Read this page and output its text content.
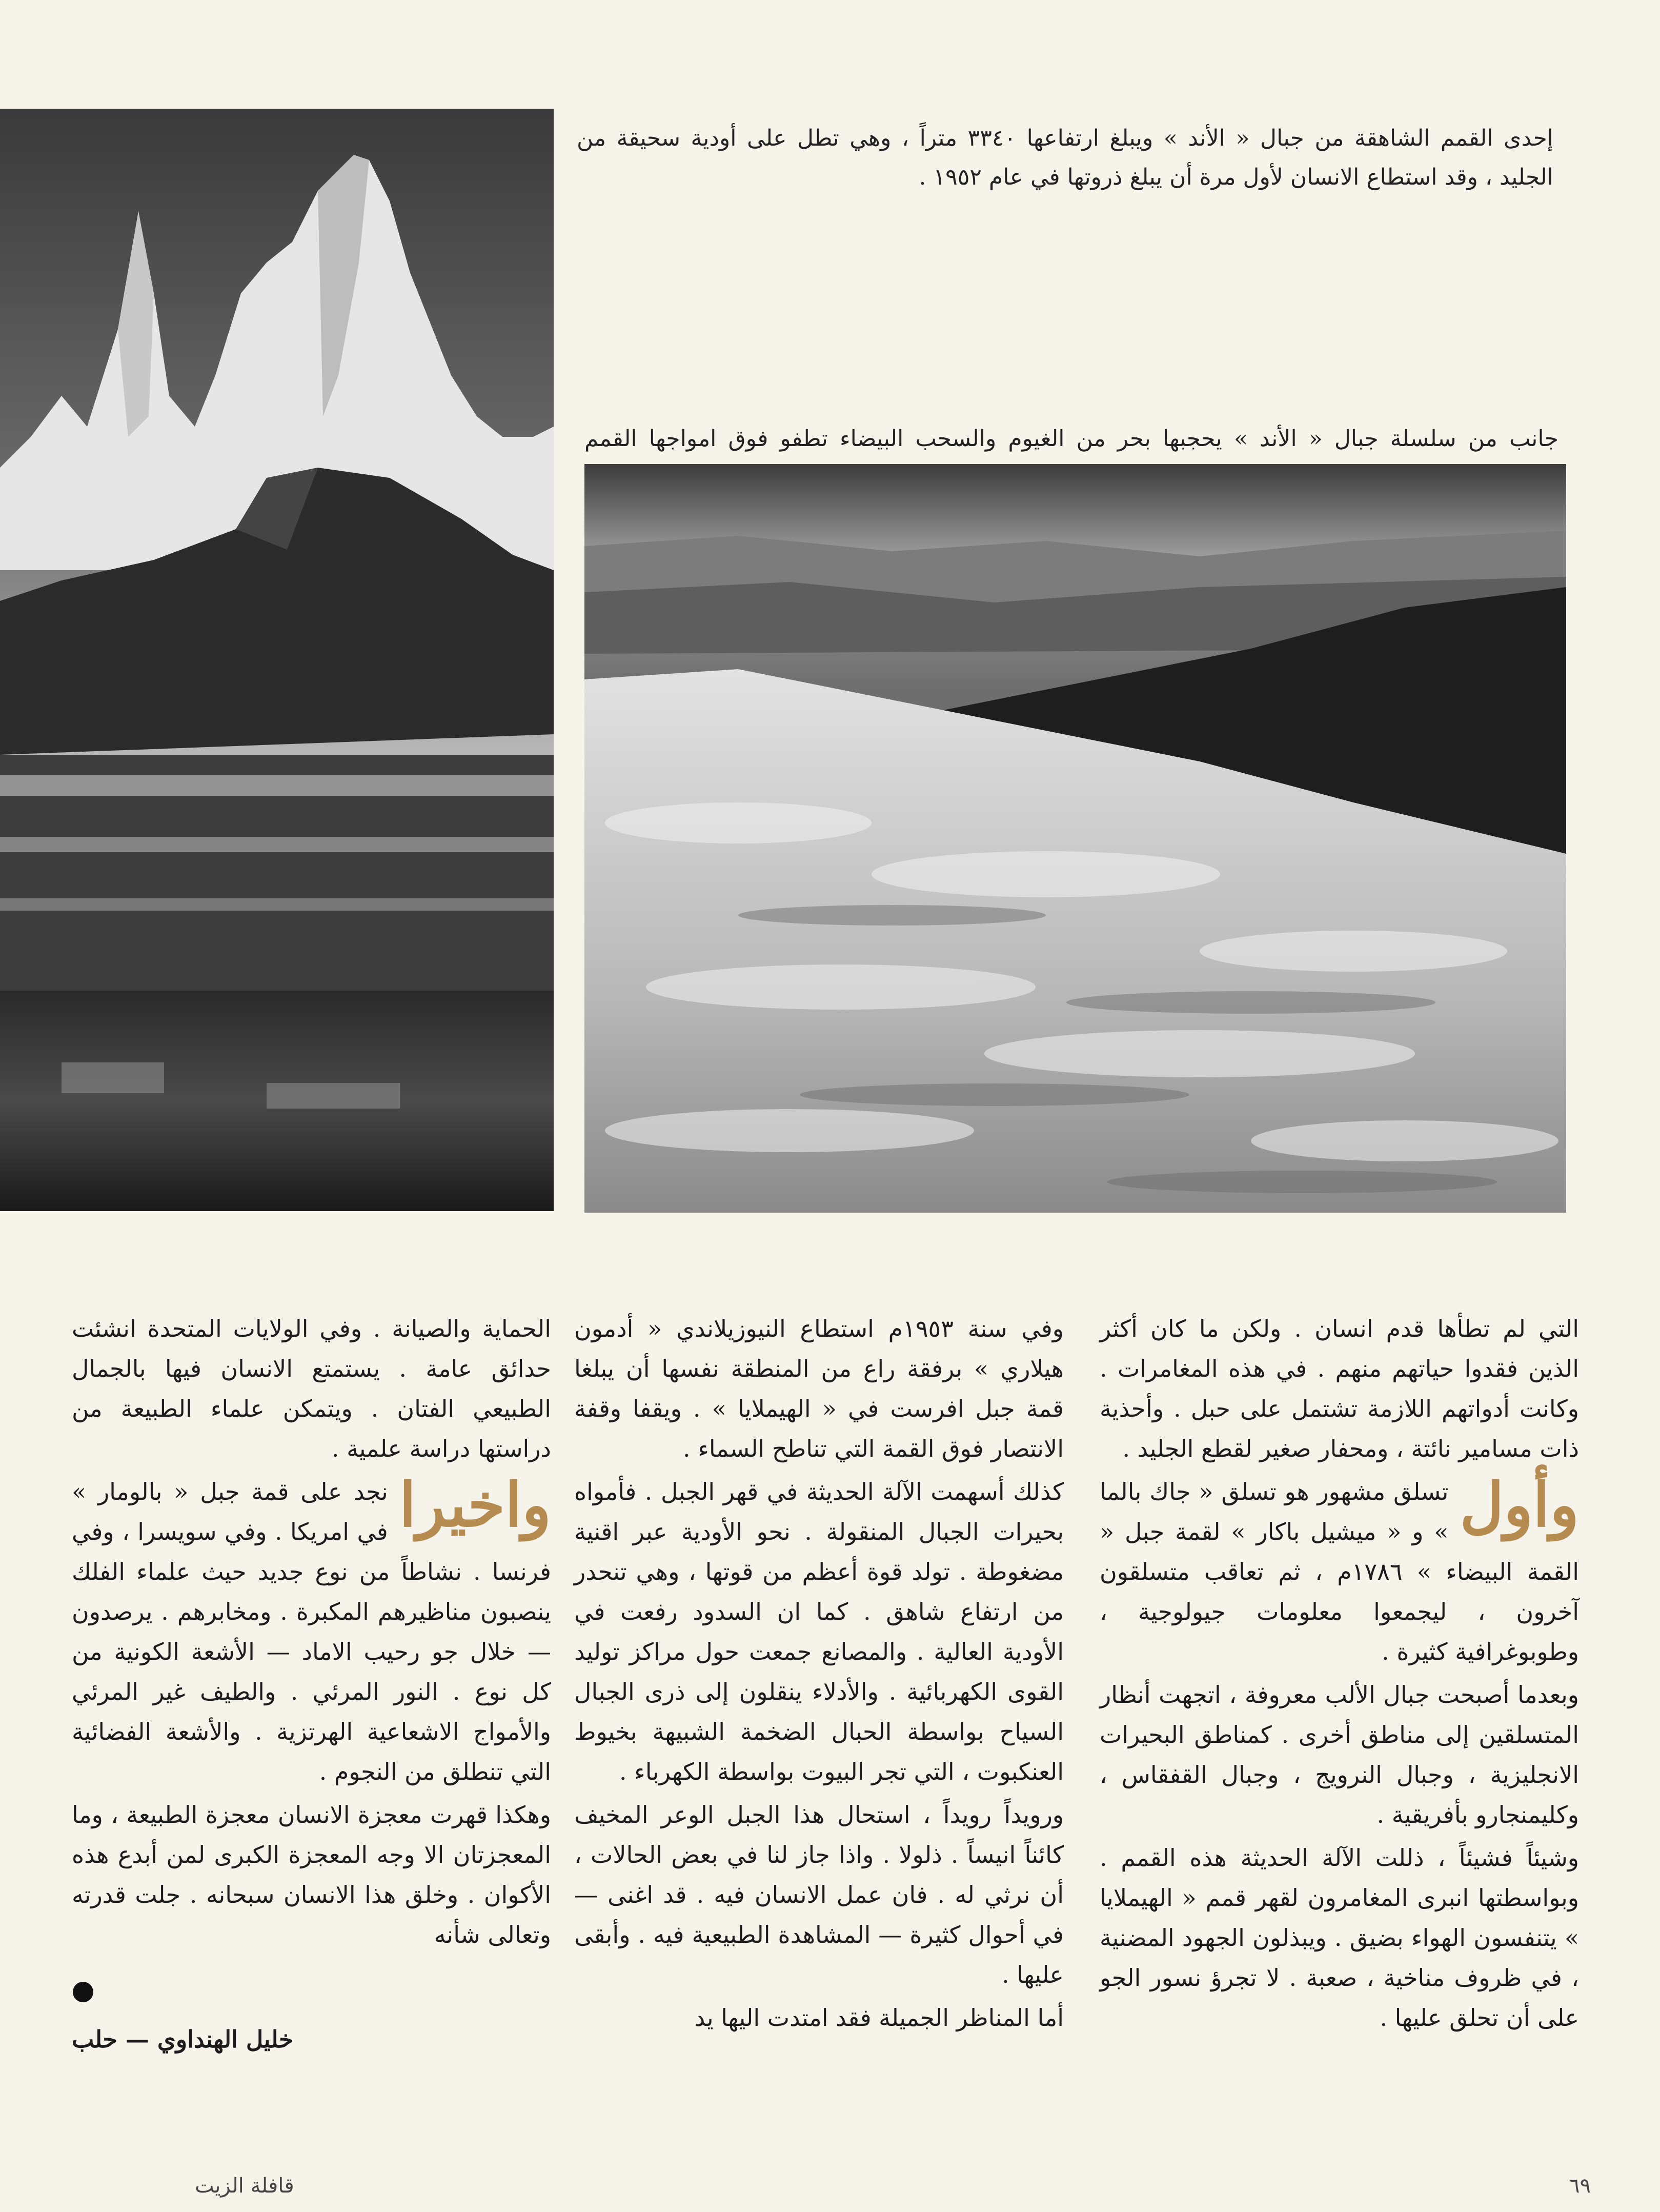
إحدى القمم الشاهقة من جبال « الأند » ويبلغ ارتفاعها ٣٣٤٠ متراً ، وهي تطل على أودية سحيقة من الجليد ، وقد استطاع الانسان لأول مرة أن يبلغ ذروتها في عام ١٩٥٢ .
جانب من سلسلة جبال « الأند » يحجبها بحر من الغيوم والسحب البيضاء تطفو فوق امواجها القمم

التي لم تطأها قدم انسان . ولكن ما كان أكثر الذين فقدوا حياتهم منهم . في هذه المغامرات . وكانت أدواتهم اللازمة تشتمل على حبل . وأحذية ذات مسامير نائتة ، ومحفار صغير لقطع الجليد .

وأول
تسلق مشهور هو تسلق « جاك بالما » و « ميشيل باكار » لقمة جبل « القمة البيضاء » ١٧٨٦م ، ثم تعاقب متسلقون آخرون ، ليجمعوا معلومات جيولوجية ، وطوبوغرافية كثيرة .

وبعدما أصبحت جبال الألب معروفة ، اتجهت أنظار المتسلقين إلى مناطق أخرى . كمناطق البحيرات الانجليزية ، وجبال النرويج ، وجبال القفقاس ، وكليمنجارو بأفريقية .

وشيئاً فشيئاً ، ذللت الآلة الحديثة هذه القمم . وبواسطتها انبرى المغامرون لقهر قمم « الهيملايا » يتنفسون الهواء بضيق . ويبذلون الجهود المضنية ، في ظروف مناخية ، صعبة . لا تجرؤ نسور الجو على أن تحلق عليها .

وفي سنة ١٩٥٣م استطاع النيوزيلاندي « أدمون هيلاري » برفقة راع من المنطقة نفسها أن يبلغا قمة جبل افرست في « الهيملايا » . ويقفا وقفة الانتصار فوق القمة التي تناطح السماء .

كذلك أسهمت الآلة الحديثة في قهر الجبل . فأمواه بحيرات الجبال المنقولة . نحو الأودية عبر اقنية مضغوطة . تولد قوة أعظم من قوتها ، وهي تنحدر من ارتفاع شاهق . كما ان السدود رفعت في الأودية العالية . والمصانع جمعت حول مراكز توليد القوى الكهربائية . والأدلاء ينقلون إلى ذرى الجبال السياح بواسطة الحبال الضخمة الشبيهة بخيوط العنكبوت ، التي تجر البيوت بواسطة الكهرباء .

ورويداً رويداً ، استحال هذا الجبل الوعر المخيف كائناً انيساً . ذلولا . واذا جاز لنا في بعض الحالات ، أن نرثي له . فان عمل الانسان فيه . قد اغنى — في أحوال كثيرة — المشاهدة الطبيعية فيه . وأبقى عليها .

أما المناظر الجميلة فقد امتدت اليها يد

الحماية والصيانة . وفي الولايات المتحدة انشئت حدائق عامة . يستمتع الانسان فيها بالجمال الطبيعي الفتان . ويتمكن علماء الطبيعة من دراستها دراسة علمية .

واخيرا
نجد على قمة جبل « بالومار » في امريكا . وفي سويسرا ، وفي فرنسا . نشاطاً من نوع جديد حيث علماء الفلك ينصبون مناظيرهم المكبرة . ومخابرهم . يرصدون — خلال جو رحيب الاماد — الأشعة الكونية من كل نوع . النور المرئي . والطيف غير المرئي والأمواج الاشعاعية الهرتزية . والأشعة الفضائية التي تنطلق من النجوم .

وهكذا قهرت معجزة الانسان معجزة الطبيعة ، وما المعجزتان الا وجه المعجزة الكبرى لمن أبدع هذه الأكوان . وخلق هذا الانسان سبحانه . جلت قدرته وتعالى شأنه

خليل الهنداوي — حلب
٦٩
قافلة الزيت
